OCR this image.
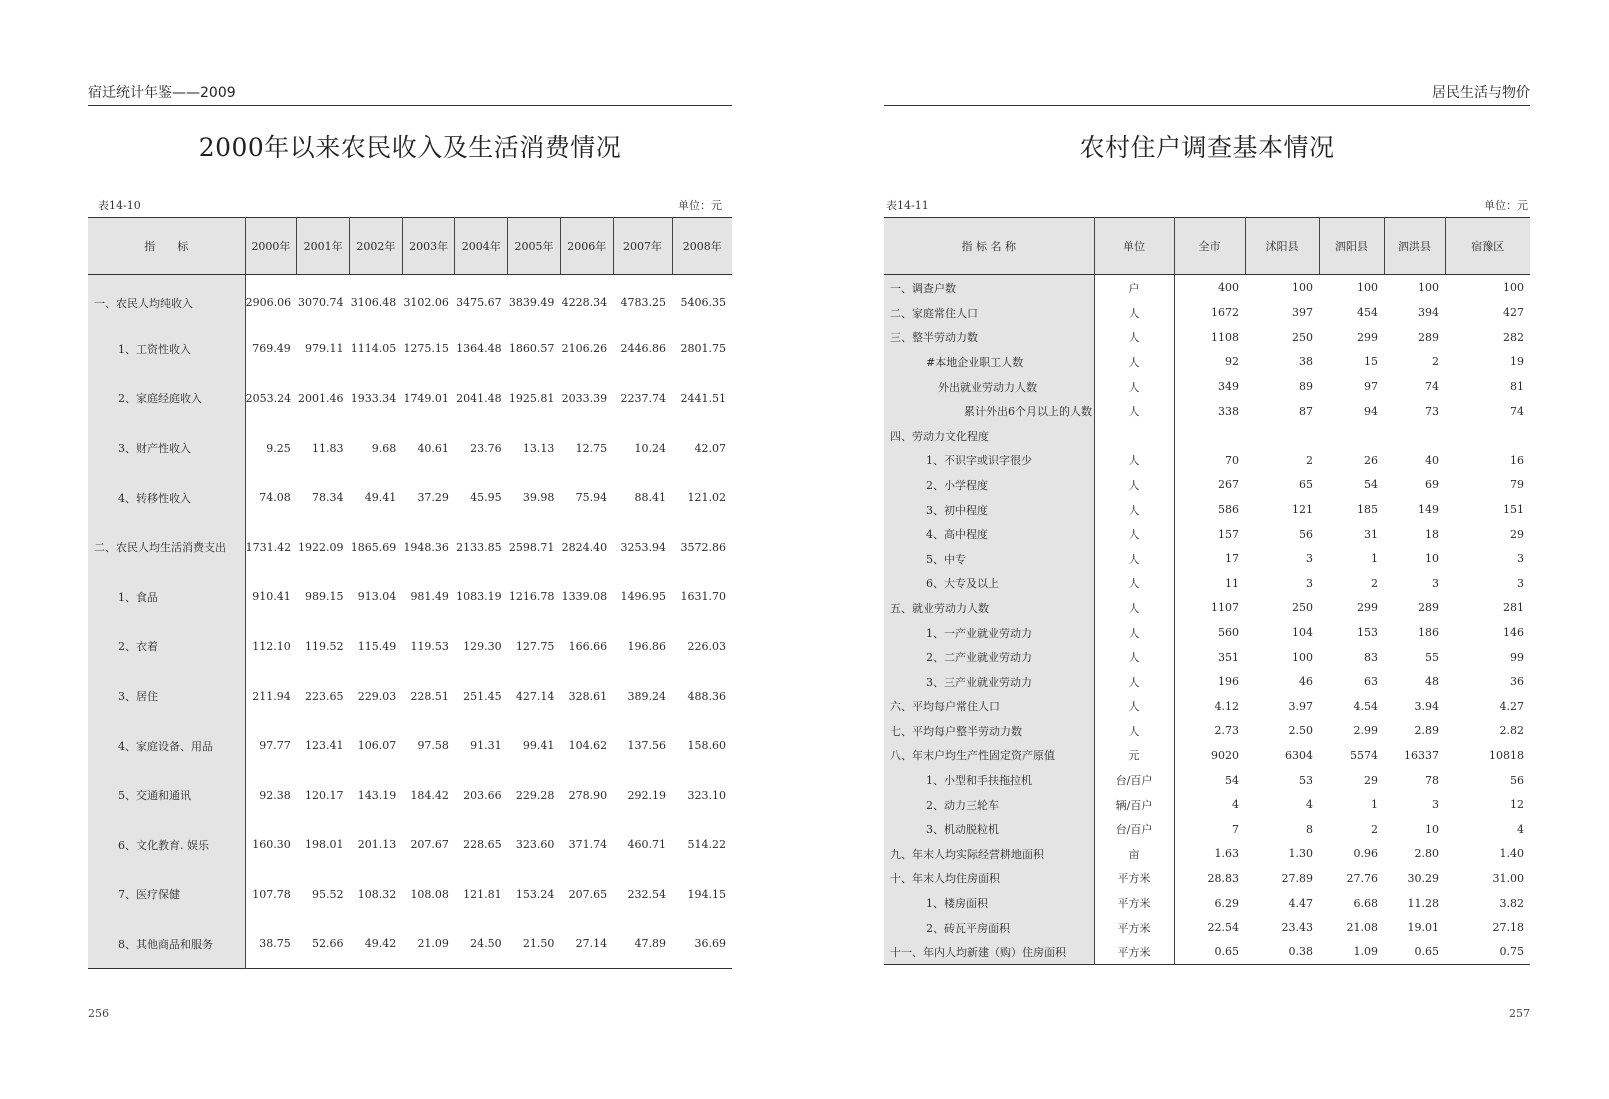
宿迁统计年鉴——2009
2000年以来农民收入及生活消费情况
表14-10	单位：元
指　　标	2000年	2001年	2002年	2003年	2004年	2005年	2006年	2007年	2008年
一、农民人均纯收入	2906.06	3070.74	3106.48	3102.06	3475.67	3839.49	4228.34	4783.25	5406.35
1、工资性收入	769.49	979.11	1114.05	1275.15	1364.48	1860.57	2106.26	2446.86	2801.75
2、家庭经庭收入	2053.24	2001.46	1933.34	1749.01	2041.48	1925.81	2033.39	2237.74	2441.51
3、财产性收入	9.25	11.83	9.68	40.61	23.76	13.13	12.75	10.24	42.07
4、转移性收入	74.08	78.34	49.41	37.29	45.95	39.98	75.94	88.41	121.02
二、农民人均生活消费支出	1731.42	1922.09	1865.69	1948.36	2133.85	2598.71	2824.40	3253.94	3572.86
1、食品	910.41	989.15	913.04	981.49	1083.19	1216.78	1339.08	1496.95	1631.70
2、衣着	112.10	119.52	115.49	119.53	129.30	127.75	166.66	196.86	226.03
3、居住	211.94	223.65	229.03	228.51	251.45	427.14	328.61	389.24	488.36
4、家庭设备、用品	97.77	123.41	106.07	97.58	91.31	99.41	104.62	137.56	158.60
5、交通和通讯	92.38	120.17	143.19	184.42	203.66	229.28	278.90	292.19	323.10
6、文化教育. 娱乐	160.30	198.01	201.13	207.67	228.65	323.60	371.74	460.71	514.22
7、医疗保健	107.78	95.52	108.32	108.08	121.81	153.24	207.65	232.54	194.15
8、其他商品和服务	38.75	52.66	49.42	21.09	24.50	21.50	27.14	47.89	36.69
256
居民生活与物价
农村住户调查基本情况
表14-11	单位：元
指 标 名 称	单位	全市	沭阳县	泗阳县	泗洪县	宿豫区
一、调查户数	户	400	100	100	100	100
二、家庭常住人口	人	1672	397	454	394	427
三、整半劳动力数	人	1108	250	299	289	282
#本地企业职工人数	人	92	38	15	2	19
外出就业劳动力人数	人	349	89	97	74	81
累计外出6个月以上的人数	人	338	87	94	73	74
四、劳动力文化程度						
1、不识字或识字很少	人	70	2	26	40	16
2、小学程度	人	267	65	54	69	79
3、初中程度	人	586	121	185	149	151
4、高中程度	人	157	56	31	18	29
5、中专	人	17	3	1	10	3
6、大专及以上	人	11	3	2	3	3
五、就业劳动力人数	人	1107	250	299	289	281
1、一产业就业劳动力	人	560	104	153	186	146
2、二产业就业劳动力	人	351	100	83	55	99
3、三产业就业劳动力	人	196	46	63	48	36
六、平均每户常住人口	人	4.12	3.97	4.54	3.94	4.27
七、平均每户整半劳动力数	人	2.73	2.50	2.99	2.89	2.82
八、年末户均生产性固定资产原值	元	9020	6304	5574	16337	10818
1、小型和手扶拖拉机	台/百户	54	53	29	78	56
2、动力三轮车	辆/百户	4	4	1	3	12
3、机动脱粒机	台/百户	7	8	2	10	4
九、年末人均实际经营耕地面积	亩	1.63	1.30	0.96	2.80	1.40
十、年末人均住房面积	平方米	28.83	27.89	27.76	30.29	31.00
1、楼房面积	平方米	6.29	4.47	6.68	11.28	3.82
2、砖瓦平房面积	平方米	22.54	23.43	21.08	19.01	27.18
十一、年内人均新建（购）住房面积	平方米	0.65	0.38	1.09	0.65	0.75
257
